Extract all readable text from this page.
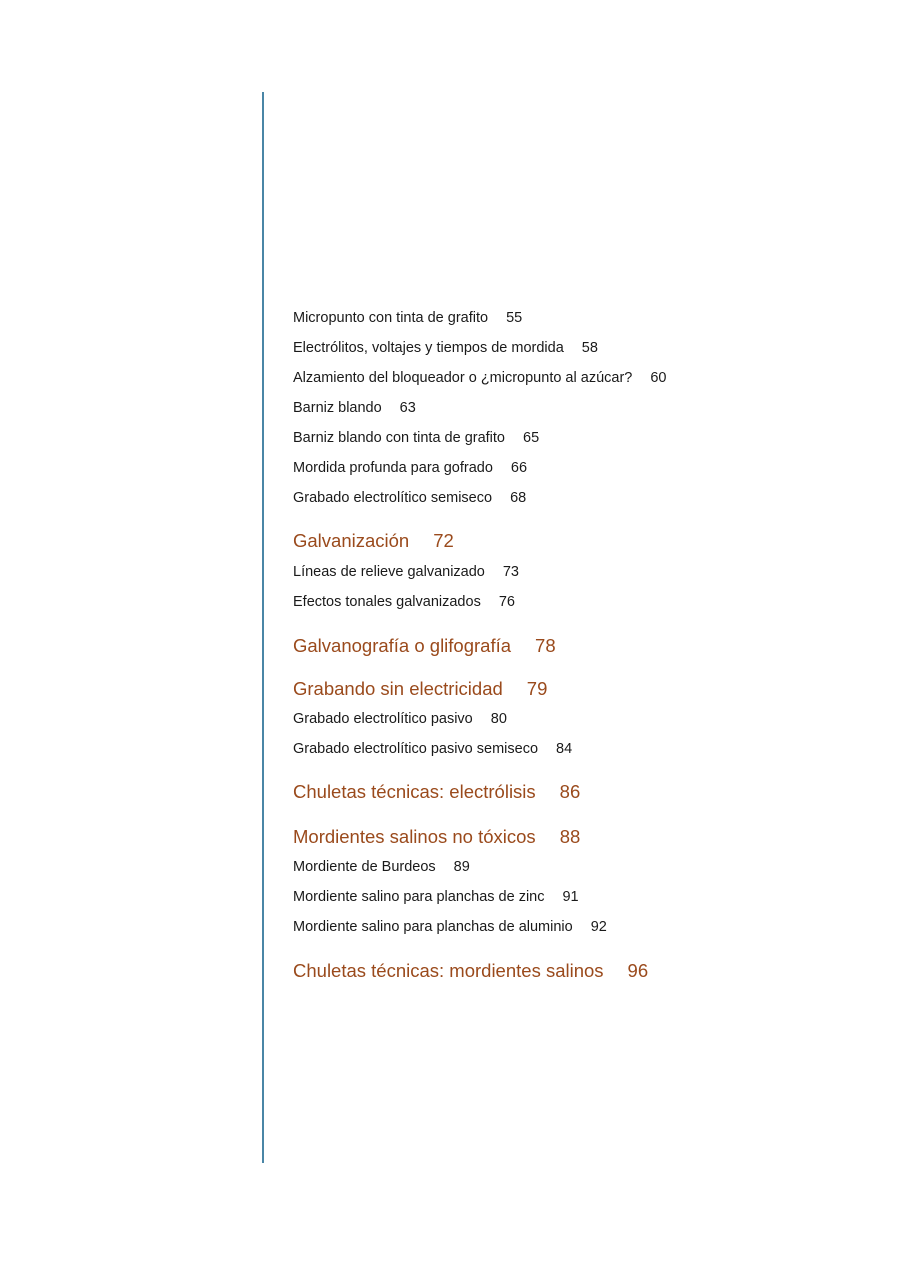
Micropunto con tinta de grafito 55
Electrólitos, voltajes y tiempos de mordida 58
Alzamiento del bloqueador o ¿micropunto al azúcar? 60
Barniz blando 63
Barniz blando con tinta de grafito 65
Mordida profunda para gofrado 66
Grabado electrolítico semiseco 68
Galvanización 72
Líneas de relieve galvanizado 73
Efectos tonales galvanizados 76
Galvanografía o glifografía 78
Grabando sin electricidad 79
Grabado electrolítico pasivo 80
Grabado electrolítico pasivo semiseco 84
Chuletas técnicas: electrólisis 86
Mordientes salinos no tóxicos 88
Mordiente de Burdeos 89
Mordiente salino para planchas de zinc 91
Mordiente salino para planchas de aluminio 92
Chuletas técnicas: mordientes salinos 96
